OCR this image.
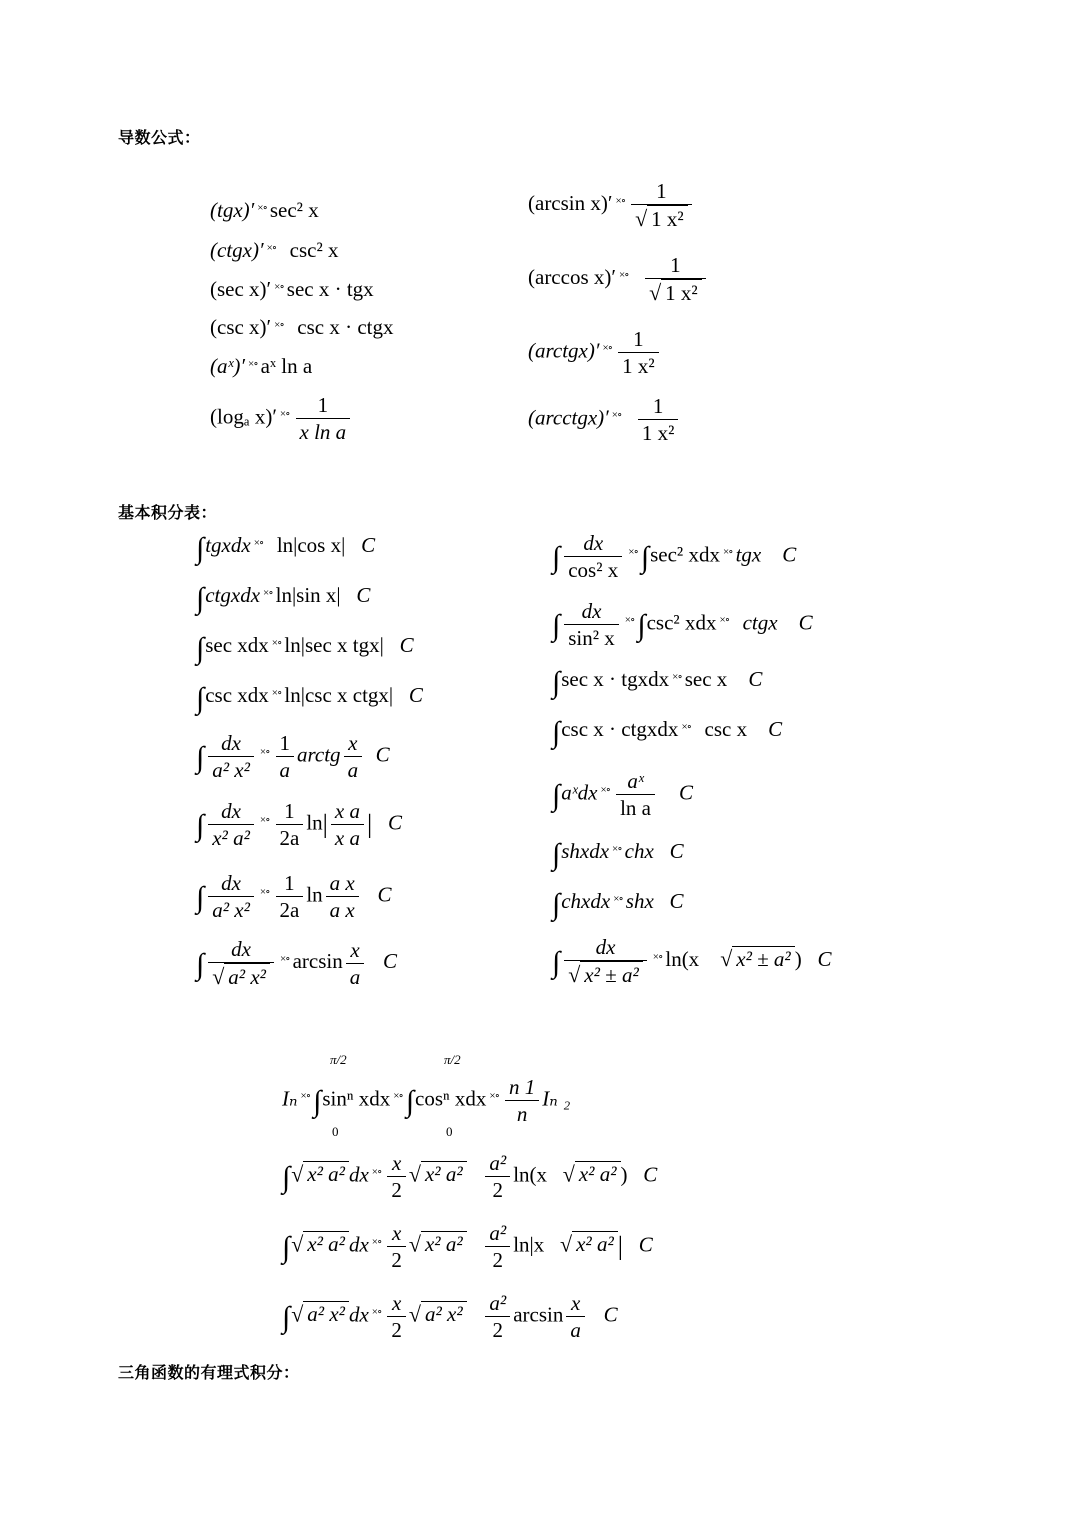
导数公式：
基本积分表：
三角函数的有理式积分：
(tgx)′ ×∘ sec² x
(ctgx)′ ×∘ csc² x
(sec x)′ ×∘ sec x · tgx
(csc x)′ ×∘ csc x · ctgx
(aˣ)′ ×∘ aˣ ln a
(logₐ x)′ $^{\times\circ} \frac{1}{\text{x ln a}}$
(arcsin x)′ $^{\times\circ} \frac{1}{\text{√ 1 x²}}$
(arccos x)′ $^{\times\circ} \frac{1}{\text{√ 1 x²}}$
(arctgx)′ $^{\times\circ} \frac{1}{\text{1 x²}}$
(arcctgx)′ $^{\times\circ} \frac{1}{\text{1 x²}}$
∫tgxdx ×∘ ln|cos x| C
∫ctgxdx ×∘ ln|sin x| C
∫sec xdx ×∘ ln|sec x tgx| C
∫csc xdx ×∘ ln|csc x ctgx| C
∫ $\frac{dx}{\text{a² x²}} ^{\times\circ} \frac{1}{a}$ arctg $\frac{x}{a}$ C
∫ $\frac{dx}{\text{x² a²}} ^{\times\circ} \frac{1}{2a} \ln| \frac{\text{x a}}{\text{x a}}$ | C
∫ $\frac{dx}{\text{a² x²}} ^{\times\circ} \frac{1}{2a}$ $\ln \frac{\text{a x}}{\text{a x}}$ C
∫ $\frac{dx}{\text{√ a² x²}} ^{\times\circ}$ $\arcsin \frac{x}{a}$ C
∫ $\frac{dx}{\text{cos² x}} ^{\times\circ}$ ∫sec² xdx ×∘ tgx C
∫ $\frac{dx}{\text{sin² x}} ^{\times\circ}$ ∫csc² xdx ×∘ ctgx C
∫sec x · tgxdx ×∘ sec x C
∫csc x · ctgxdx ×∘ csc x C
∫aˣdx $^{\times\circ} \frac{\text{aˣ}}{\text{ln a}}$ C
∫shxdx ×∘ chx C
∫chxdx ×∘ shx C
∫ $\frac{dx}{\text{√ x² ± a²}} ^{\times\circ}$ ln(x √ x² ± a² ) C
π/2
0
π/2
0
Iₙ ×∘ ∫sinⁿ xdx ×∘ ∫cosⁿ xdx $^{\times\circ} \frac{n 1}{n}$ Iₙ ₂
∫√ x² a² dx $^{\times\circ} \frac{x}{2}$ √ x² $a^2 \frac{\text{a²}}{2} \ln(x$ √ x² a² ) C
∫√ x² a² dx $^{\times\circ} \frac{x}{2}$ √ x² $a^2 \frac{\text{a²}}{2} \ln|x$ √ x² a² | C
∫√ a² x² dx $^{\times\circ} \frac{x}{2}$ √ a² $x^2 \frac{\text{a²}}{2}$ $\arcsin \frac{x}{a}$ C
